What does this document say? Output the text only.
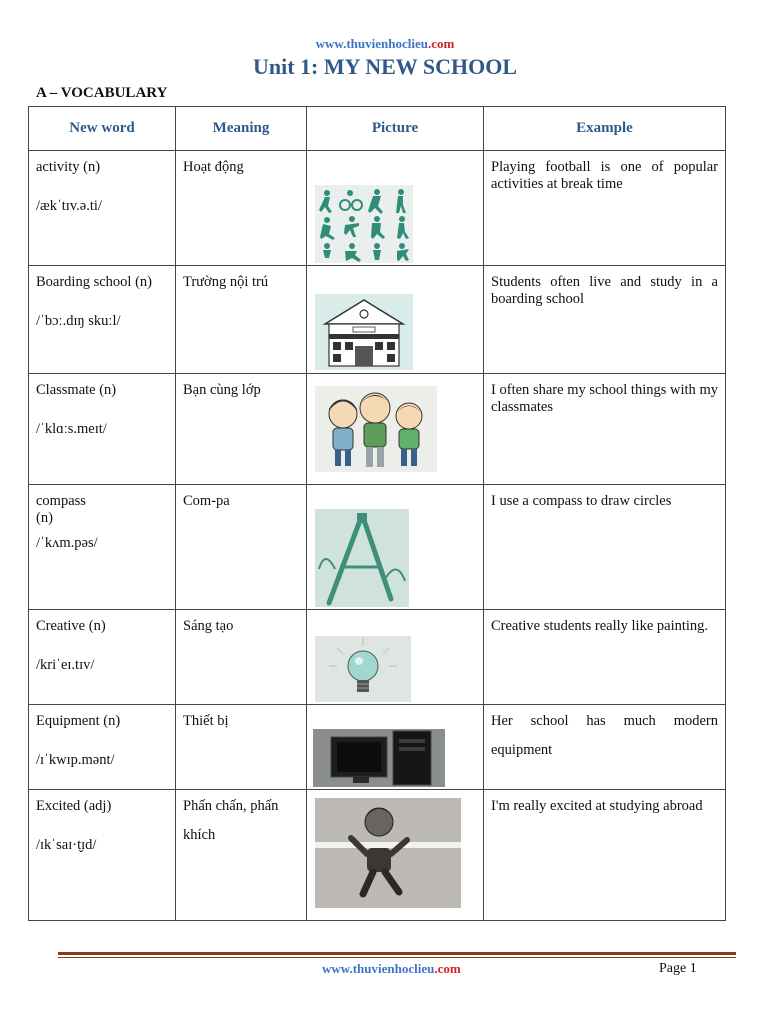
www.thuvienhoclieu.com
Unit 1: MY NEW SCHOOL
A – VOCABULARY
New word	Meaning	Picture	Example

activity (n)

/ækˈtɪv.ə.ti/	Hoạt động		Playing football is one of popular activities at break time

Boarding school (n)

/ˈbɔː.dɪŋ skuːl/	Trường nội trú		Students often live and study in a boarding school

Classmate (n)

/ˈklɑːs.meɪt/	Bạn cùng lớp		I often share my school things with my classmates

compass (n)

/ˈkʌm.pəs/	Com-pa		I use a compass to draw circles

Creative (n)

/kriˈeɪ.tɪv/	Sáng tạo		Creative students really like painting.

Equipment (n)

/ɪˈkwɪp.mənt/	Thiết bị		Her school has much modern equipment

Excited (adj)

/ɪkˈsaɪ·t̬ɪd/	Phấn chấn, phấn khích		I'm really excited at studying abroad
www.thuvienhoclieu.com	Page 1
